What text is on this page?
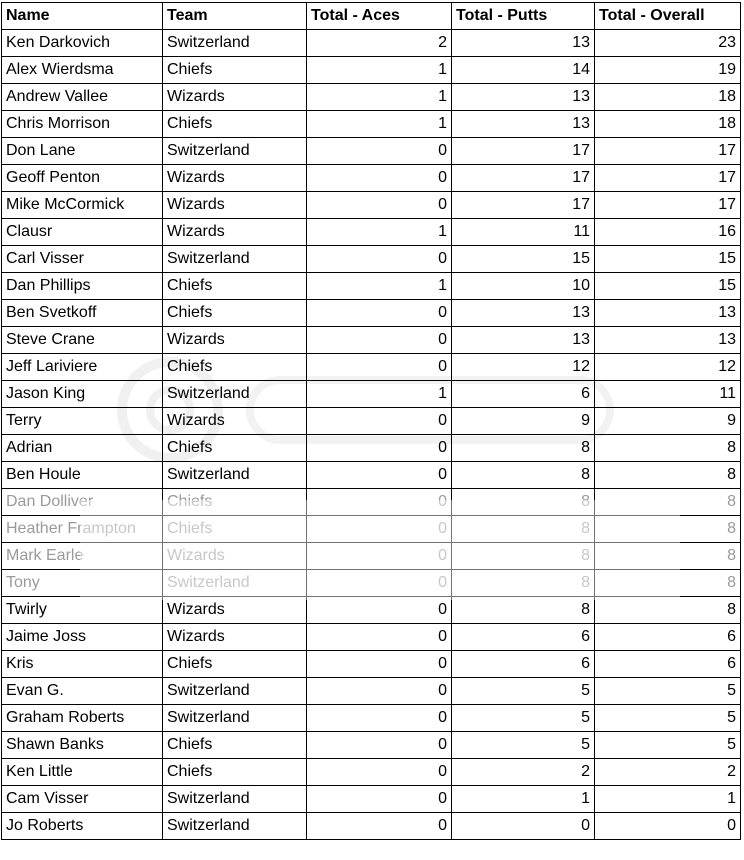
Name	Team	Total - Aces	Total - Putts	Total - Overall
Ken Darkovich	Switzerland	2	13	23
Alex Wierdsma	Chiefs	1	14	19
Andrew Vallee	Wizards	1	13	18
Chris Morrison	Chiefs	1	13	18
Don Lane	Switzerland	0	17	17
Geoff Penton	Wizards	0	17	17
Mike McCormick	Wizards	0	17	17
Clausr	Wizards	1	11	16
Carl Visser	Switzerland	0	15	15
Dan Phillips	Chiefs	1	10	15
Ben Svetkoff	Chiefs	0	13	13
Steve Crane	Wizards	0	13	13
Jeff Lariviere	Chiefs	0	12	12
Jason King	Switzerland	1	6	11
Terry	Wizards	0	9	9
Adrian	Chiefs	0	8	8
Ben Houle	Switzerland	0	8	8
Dan Dolliver	Chiefs	0	8	8
Heather Frampton	Chiefs	0	8	8
Mark Earle	Wizards	0	8	8
Tony	Switzerland	0	8	8
Twirly	Wizards	0	8	8
Jaime Joss	Wizards	0	6	6
Kris	Chiefs	0	6	6
Evan G.	Switzerland	0	5	5
Graham Roberts	Switzerland	0	5	5
Shawn Banks	Chiefs	0	5	5
Ken Little	Chiefs	0	2	2
Cam Visser	Switzerland	0	1	1
Jo Roberts	Switzerland	0	0	0
